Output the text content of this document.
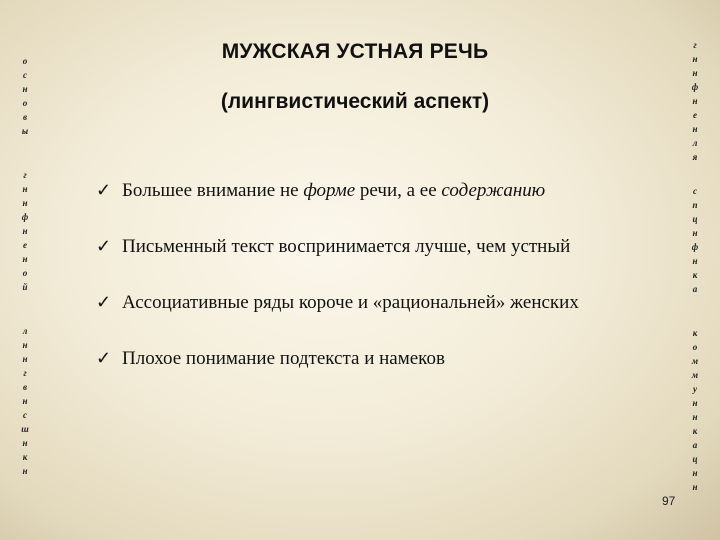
о
с
н
о
в
ы
г
н
н
ф
н
е
н
о
й
л
н
н
г
в
н
с
ш
н
к
н
г
н
н
ф
н
е
н
л
я
с
п
ц
н
ф
н
к
а
к
о
м
м
у
н
н
к
а
ц
н
н
МУЖСКАЯ УСТНАЯ РЕЧЬ
(лингвистический аспект)
✓ Бoльшее внимание не форме речи, а ее содержанию
✓ Письменный текст воспринимается лучше, чем устный
✓ Ассоциативные ряды короче и «рациональней» женских
✓ Плохое понимание подтекста и намеков
97
